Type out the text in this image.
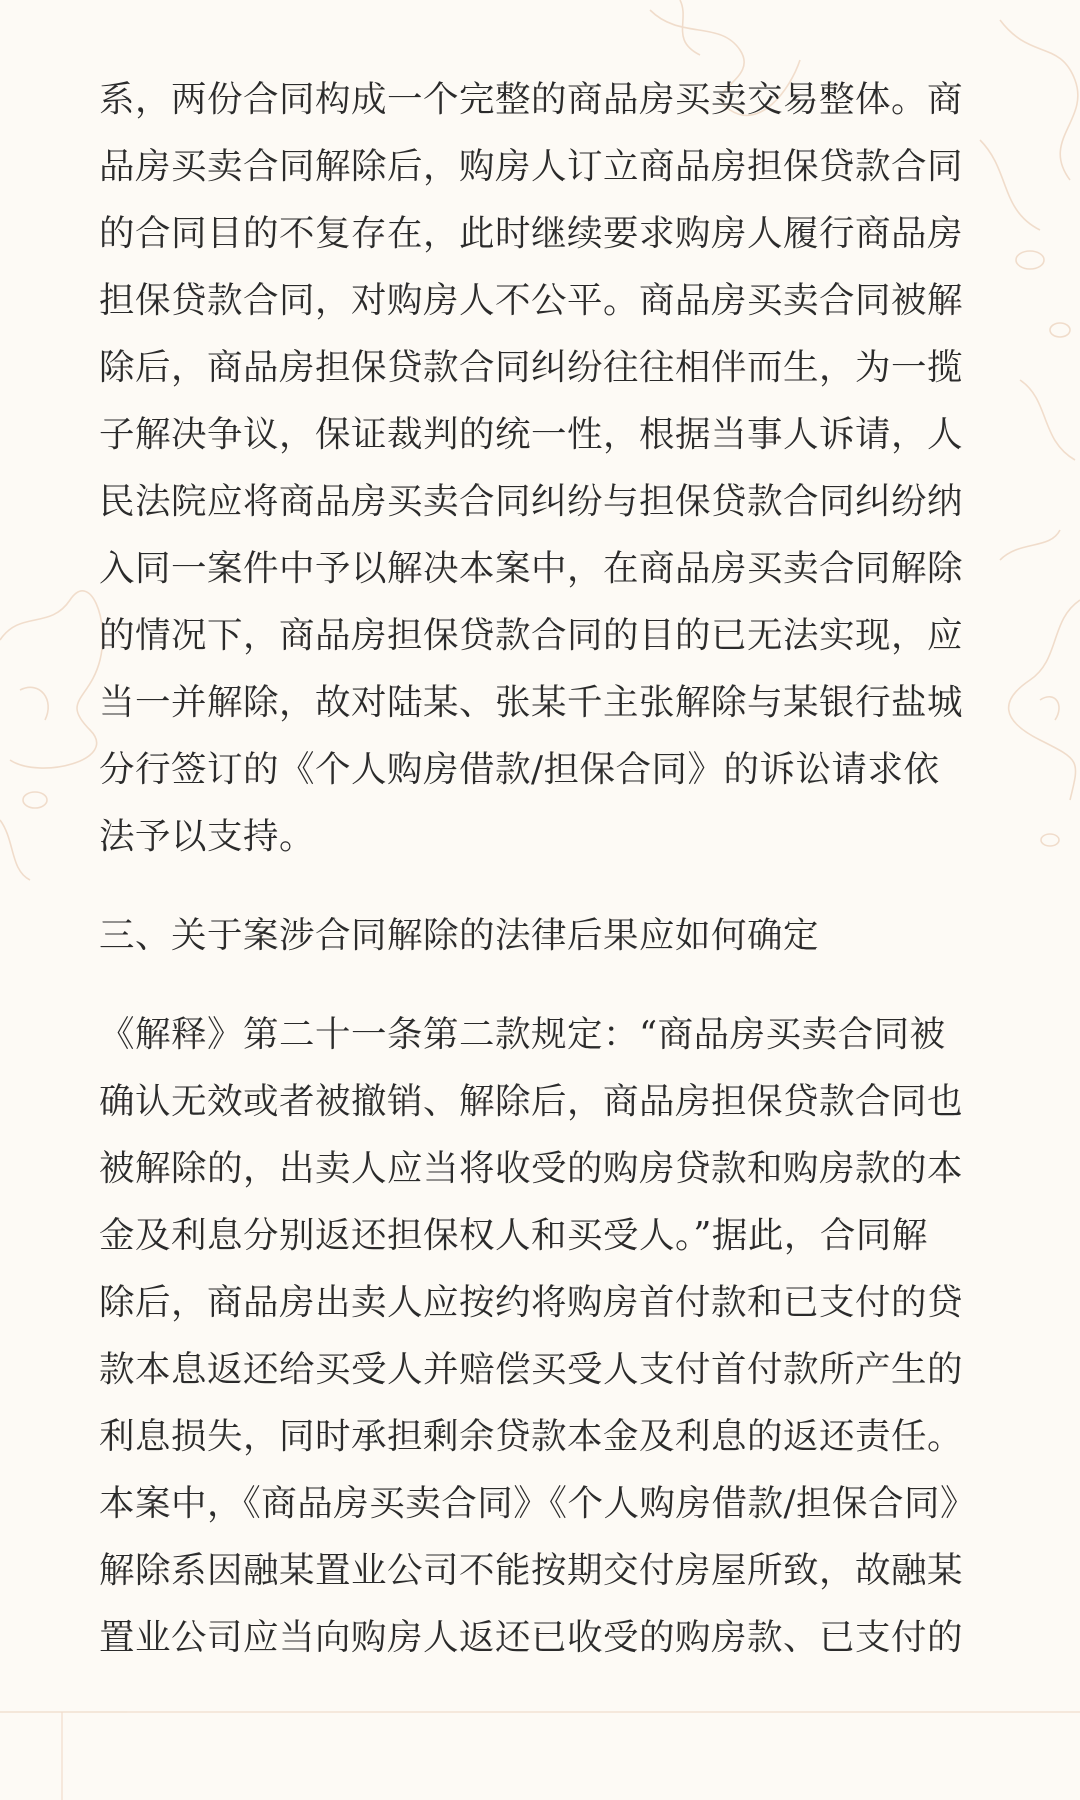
系，两份合同构成一个完整的商品房买卖交易整体。商
品房买卖合同解除后，购房人订立商品房担保贷款合同
的合同目的不复存在，此时继续要求购房人履行商品房
担保贷款合同，对购房人不公平。商品房买卖合同被解
除后，商品房担保贷款合同纠纷往往相伴而生，为一揽
子解决争议，保证裁判的统一性，根据当事人诉请，人
民法院应将商品房买卖合同纠纷与担保贷款合同纠纷纳
入同一案件中予以解决本案中，在商品房买卖合同解除
的情况下，商品房担保贷款合同的目的已无法实现，应
当一并解除，故对陆某、张某千主张解除与某银行盐城
分行签订的《个人购房借款/担保合同》的诉讼请求依
法予以支持。
三、关于案涉合同解除的法律后果应如何确定
《解释》第二十一条第二款规定：“商品房买卖合同被
确认无效或者被撤销、解除后，商品房担保贷款合同也
被解除的，出卖人应当将收受的购房贷款和购房款的本
金及利息分别返还担保权人和买受人。”据此，合同解
除后，商品房出卖人应按约将购房首付款和已支付的贷
款本息返还给买受人并赔偿买受人支付首付款所产生的
利息损失，同时承担剩余贷款本金及利息的返还责任。
本案中，《商品房买卖合同》《个人购房借款/担保合同》
解除系因融某置业公司不能按期交付房屋所致，故融某
置业公司应当向购房人返还已收受的购房款、已支付的
